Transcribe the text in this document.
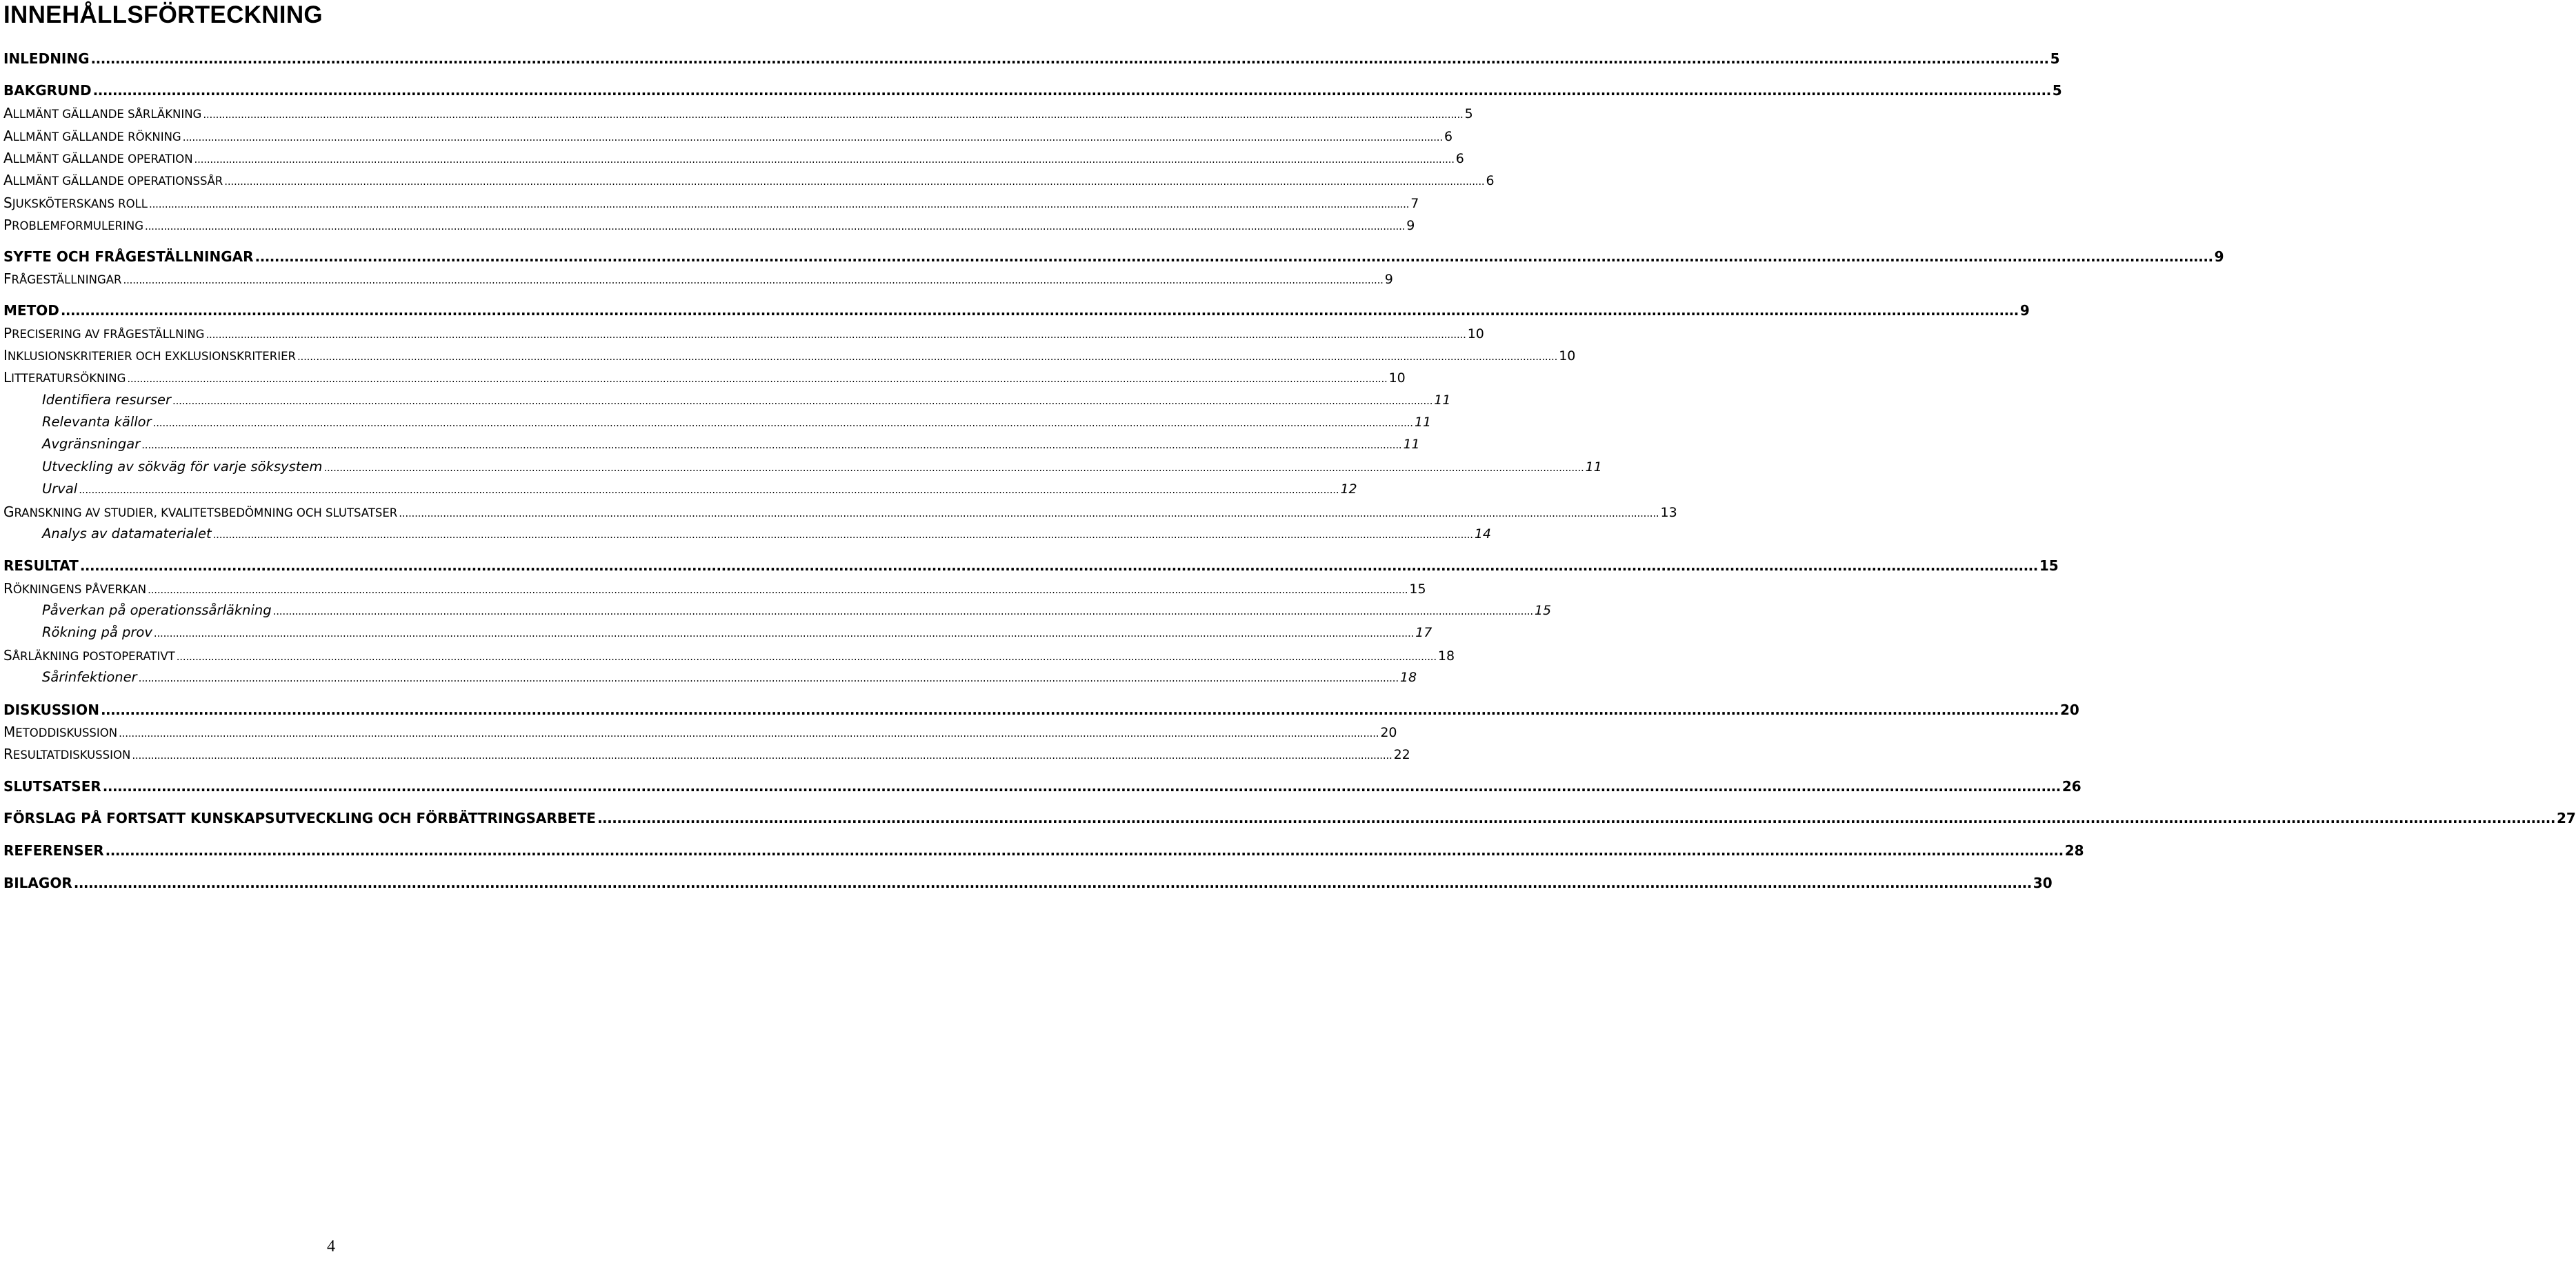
INNEHÅLLSFÖRTECKNING
INLEDNING ................................................................................................................................................................................................................................................................................................................................................................................................................ 5
BAKGRUND ................................................................................................................................................................................................................................................................................................................................................................................................................ 5
ALLMÄNT GÄLLANDE SÅRLÄKNING ................................................................................................................................................................................................................................................................................................................................................................................................................ 5
ALLMÄNT GÄLLANDE RÖKNING ................................................................................................................................................................................................................................................................................................................................................................................................................ 6
ALLMÄNT GÄLLANDE OPERATION ................................................................................................................................................................................................................................................................................................................................................................................................................ 6
ALLMÄNT GÄLLANDE OPERATIONSSÅR ................................................................................................................................................................................................................................................................................................................................................................................................................ 6
SJUKSKÖTERSKANS ROLL ................................................................................................................................................................................................................................................................................................................................................................................................................ 7
PROBLEMFORMULERING ................................................................................................................................................................................................................................................................................................................................................................................................................ 9
SYFTE OCH FRÅGESTÄLLNINGAR ................................................................................................................................................................................................................................................................................................................................................................................................................ 9
FRÅGESTÄLLNINGAR ................................................................................................................................................................................................................................................................................................................................................................................................................ 9
METOD ................................................................................................................................................................................................................................................................................................................................................................................................................ 9
PRECISERING AV FRÅGESTÄLLNING ................................................................................................................................................................................................................................................................................................................................................................................................................ 10
INKLUSIONSKRITERIER OCH EXKLUSIONSKRITERIER ................................................................................................................................................................................................................................................................................................................................................................................................................ 10
LITTERATURSÖKNING ................................................................................................................................................................................................................................................................................................................................................................................................................ 10
Identifiera resurser ................................................................................................................................................................................................................................................................................................................................................................................................................ 11
Relevanta källor ................................................................................................................................................................................................................................................................................................................................................................................................................ 11
Avgränsningar ................................................................................................................................................................................................................................................................................................................................................................................................................ 11
Utveckling av sökväg för varje söksystem ................................................................................................................................................................................................................................................................................................................................................................................................................ 11
Urval ................................................................................................................................................................................................................................................................................................................................................................................................................ 12
GRANSKNING AV STUDIER, KVALITETSBEDÖMNING OCH SLUTSATSER ................................................................................................................................................................................................................................................................................................................................................................................................................ 13
Analys av datamaterialet ................................................................................................................................................................................................................................................................................................................................................................................................................ 14
RESULTAT ................................................................................................................................................................................................................................................................................................................................................................................................................ 15
RÖKNINGENS PÅVERKAN ................................................................................................................................................................................................................................................................................................................................................................................................................ 15
Påverkan på operationssårläkning ................................................................................................................................................................................................................................................................................................................................................................................................................ 15
Rökning på prov ................................................................................................................................................................................................................................................................................................................................................................................................................ 17
SÅRLÄKNING POSTOPERATIVT ................................................................................................................................................................................................................................................................................................................................................................................................................ 18
Sårinfektioner ................................................................................................................................................................................................................................................................................................................................................................................................................ 18
DISKUSSION ................................................................................................................................................................................................................................................................................................................................................................................................................ 20
METODDISKUSSION ................................................................................................................................................................................................................................................................................................................................................................................................................ 20
RESULTATDISKUSSION ................................................................................................................................................................................................................................................................................................................................................................................................................ 22
SLUTSATSER ................................................................................................................................................................................................................................................................................................................................................................................................................ 26
FÖRSLAG PÅ FORTSATT KUNSKAPSUTVECKLING OCH FÖRBÄTTRINGSARBETE ................................................................................................................................................................................................................................................................................................................................................................................................................ 27
REFERENSER ................................................................................................................................................................................................................................................................................................................................................................................................................ 28
BILAGOR ................................................................................................................................................................................................................................................................................................................................................................................................................ 30
4
